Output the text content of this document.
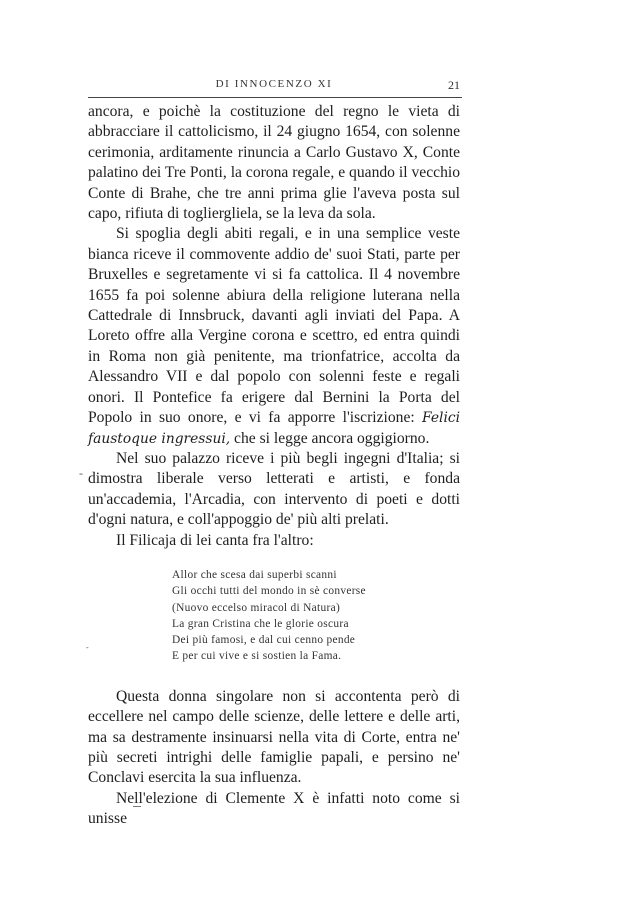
DI INNOCENZO XI	21

ancora, e poichè la costituzione del regno le vieta di abbracciare il cattolicismo, il 24 giugno 1654, con solenne cerimonia, arditamente rinuncia a Carlo Gustavo X, Conte palatino dei Tre Ponti, la corona regale, e quando il vecchio Conte di Brahe, che tre anni prima glie l'aveva posta sul capo, rifiuta di toglierglielа, se la leva da sola.

Si spoglia degli abiti regali, e in una semplice veste bianca riceve il commovente addio de' suoi Stati, parte per Bruxelles e segretamente vi si fa cattolica. Il 4 novembre 1655 fa poi solenne abiura della religione luterana nella Cattedrale di Innsbruck, davanti agli inviati del Papa. A Loreto offre alla Vergine corona e scettro, ed entra quindi in Roma non già penitente, ma trionfatrice, accolta da Alessandro VII e dal popolo con solenni feste e regali onori. Il Pontefice fa erigere dal Bernini la Porta del Popolo in suo onore, e vi fa apporre l'iscrizione: Felici faustoque ingressui, che si legge ancora oggigiorno.

Nel suo palazzo riceve i più begli ingegni d'Italia; si dimostra liberale verso letterati e artisti, e fonda un'accademia, l'Arcadia, con intervento di poeti e dotti d'ogni natura, e coll'appoggio de' più alti prelati.

Il Filicaja di lei canta fra l'altro:

Allor che scesa dai superbi scanni
Gli occhi tutti del mondo in sè converse
(Nuovo eccelso miracol di Natura)
La gran Cristina che le glorie oscura
Dei più famosi, e dal cui cenno pende
E per cui vive e si sostien la Fama.

Questa donna singolare non si accontenta però di eccellere nel campo delle scienze, delle lettere e delle arti, ma sa destramente insinuarsi nella vita di Corte, entra ne' più secreti intrighi delle famiglie papali, e persino ne' Conclavi esercita la sua influenza.

Nell'elezione di Clemente X è infatti noto come si unisse

-
-
